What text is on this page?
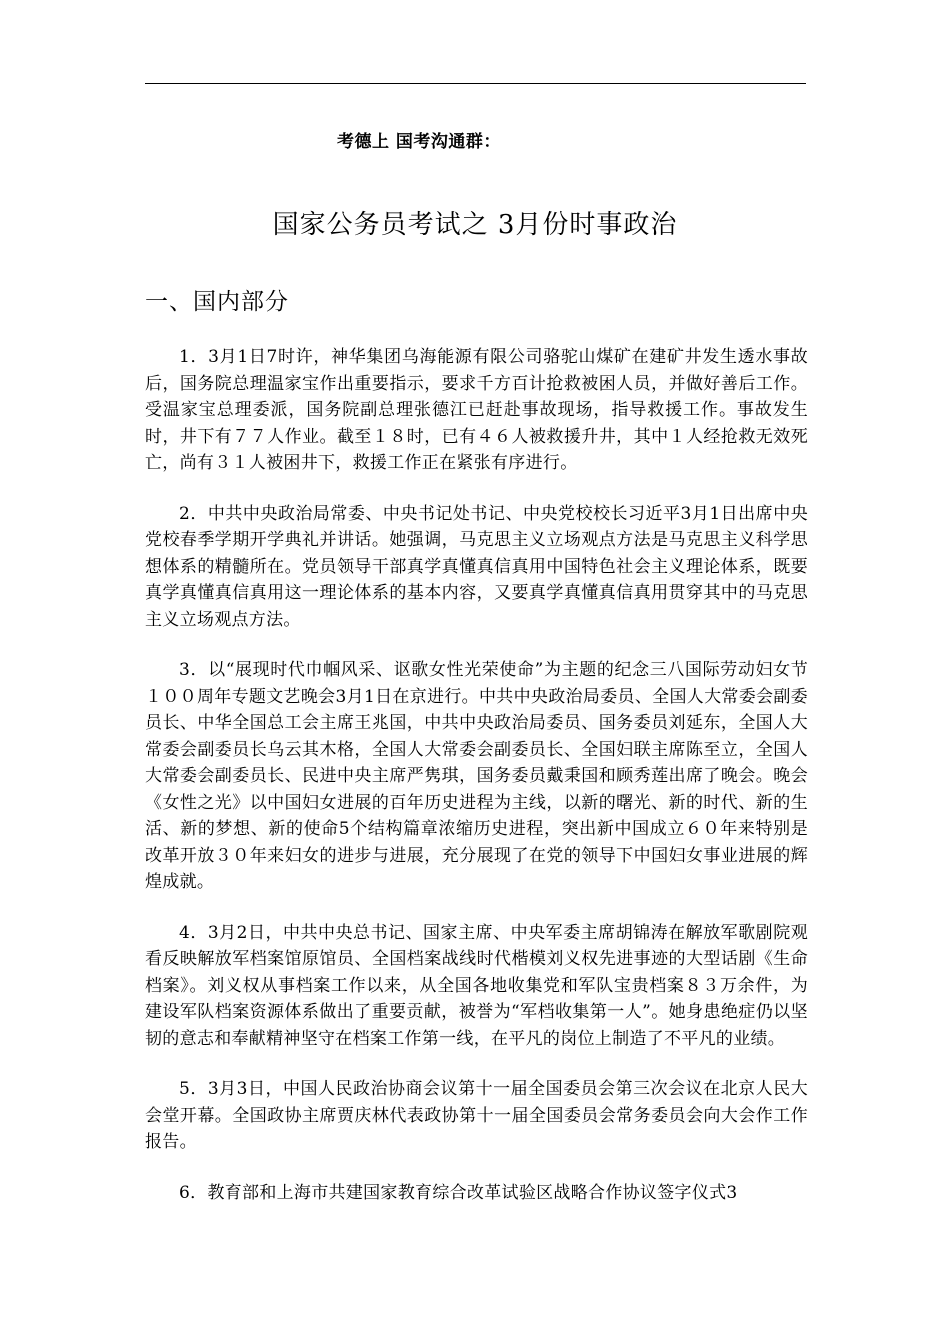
考德上 国考沟通群：
国家公务员考试之 3月份时事政治
一、国内部分

1．3月1日7时许，神华集团乌海能源有限公司骆驼山煤矿在建矿井发生透水事故后，国务院总理温家宝作出重要指示，要求千方百计抢救被困人员，并做好善后工作。受温家宝总理委派，国务院副总理张德江已赶赴事故现场，指导救援工作。事故发生时，井下有７７人作业。截至１８时，已有４６人被救援升井，其中１人经抢救无效死亡，尚有３１人被困井下，救援工作正在紧张有序进行。

2．中共中央政治局常委、中央书记处书记、中央党校校长习近平3月1日出席中央党校春季学期开学典礼并讲话。她强调，马克思主义立场观点方法是马克思主义科学思想体系的精髓所在。党员领导干部真学真懂真信真用中国特色社会主义理论体系，既要真学真懂真信真用这一理论体系的基本内容，又要真学真懂真信真用贯穿其中的马克思主义立场观点方法。

3．以“展现时代巾帼风采、讴歌女性光荣使命”为主题的纪念三八国际劳动妇女节１００周年专题文艺晚会3月1日在京进行。中共中央政治局委员、全国人大常委会副委员长、中华全国总工会主席王兆国，中共中央政治局委员、国务委员刘延东，全国人大常委会副委员长乌云其木格，全国人大常委会副委员长、全国妇联主席陈至立，全国人大常委会副委员长、民进中央主席严隽琪，国务委员戴秉国和顾秀莲出席了晚会。晚会《女性之光》以中国妇女进展的百年历史进程为主线，以新的曙光、新的时代、新的生活、新的梦想、新的使命5个结构篇章浓缩历史进程，突出新中国成立６０年来特别是改革开放３０年来妇女的进步与进展，充分展现了在党的领导下中国妇女事业进展的辉煌成就。

4．3月2日，中共中央总书记、国家主席、中央军委主席胡锦涛在解放军歌剧院观看反映解放军档案馆原馆员、全国档案战线时代楷模刘义权先进事迹的大型话剧《生命档案》。刘义权从事档案工作以来，从全国各地收集党和军队宝贵档案８３万余件，为建设军队档案资源体系做出了重要贡献，被誉为“军档收集第一人”。她身患绝症仍以坚韧的意志和奉献精神坚守在档案工作第一线，在平凡的岗位上制造了不平凡的业绩。

5．3月3日，中国人民政治协商会议第十一届全国委员会第三次会议在北京人民大会堂开幕。全国政协主席贾庆林代表政协第十一届全国委员会常务委员会向大会作工作报告。

6．教育部和上海市共建国家教育综合改革试验区战略合作协议签字仪式3
